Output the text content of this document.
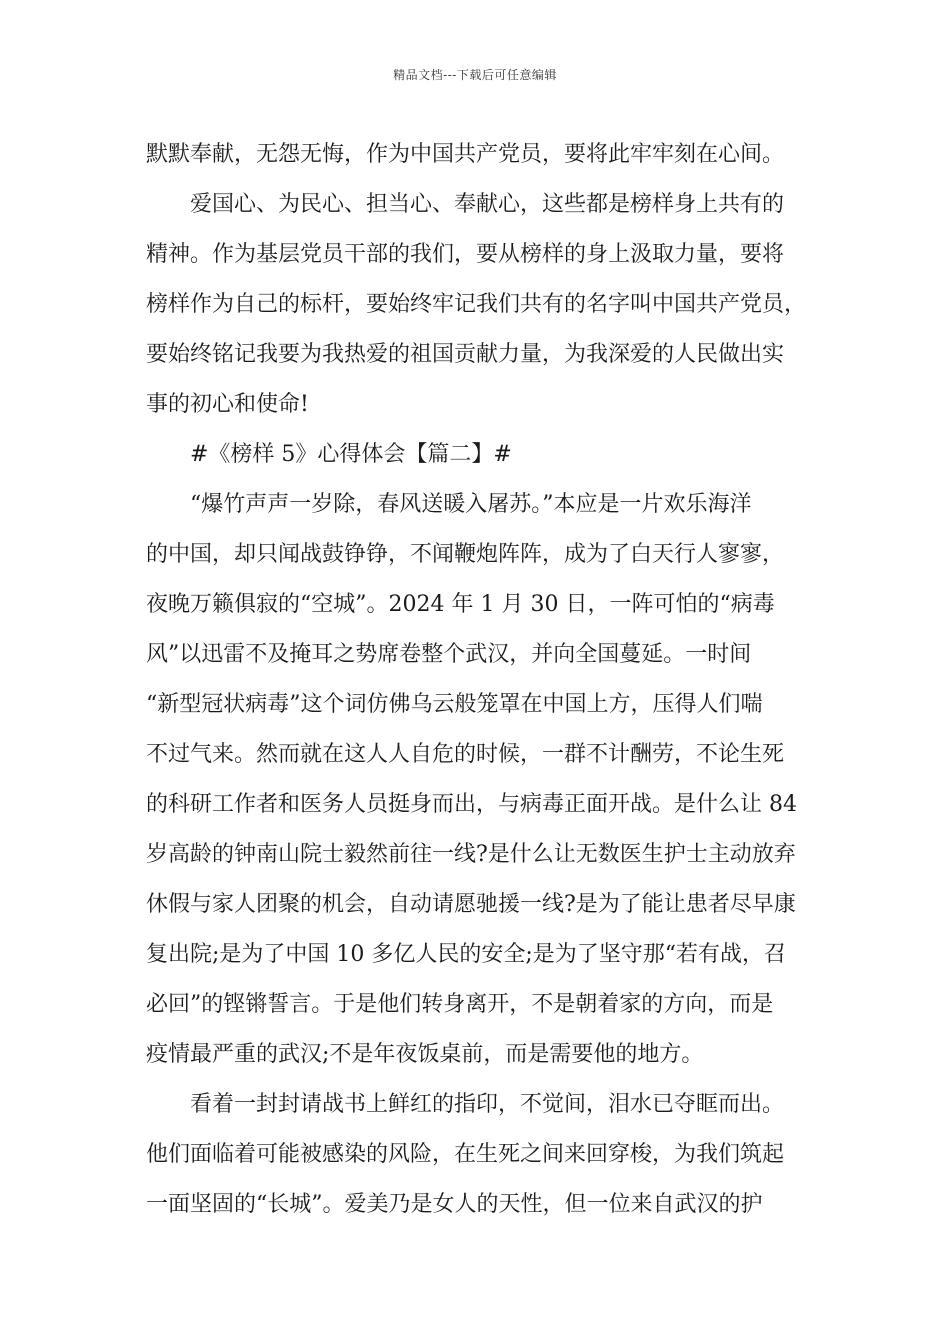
精品文档---下载后可任意编辑
默默奉献，无怨无悔，作为中国共产党员，要将此牢牢刻在心间。
爱国心、为民心、担当心、奉献心，这些都是榜样身上共有的
精神。作为基层党员干部的我们，要从榜样的身上汲取力量，要将
榜样作为自己的标杆，要始终牢记我们共有的名字叫中国共产党员，
要始终铭记我要为我热爱的祖国贡献力量，为我深爱的人民做出实
事的初心和使命!
#《榜样 5》心得体会【篇二】#
“爆竹声声一岁除，春风送暖入屠苏。”本应是一片欢乐海洋
的中国，却只闻战鼓铮铮，不闻鞭炮阵阵，成为了白天行人寥寥，
夜晚万籁俱寂的“空城”。2024 年 1 月 30 日，一阵可怕的“病毒
风”以迅雷不及掩耳之势席卷整个武汉，并向全国蔓延。一时间
“新型冠状病毒”这个词仿佛乌云般笼罩在中国上方，压得人们喘
不过气来。然而就在这人人自危的时候，一群不计酬劳，不论生死
的科研工作者和医务人员挺身而出，与病毒正面开战。是什么让 84
岁高龄的钟南山院士毅然前往一线?是什么让无数医生护士主动放弃
休假与家人团聚的机会，自动请愿驰援一线?是为了能让患者尽早康
复出院;是为了中国 10 多亿人民的安全;是为了坚守那“若有战，召
必回”的铿锵誓言。于是他们转身离开，不是朝着家的方向，而是
疫情最严重的武汉;不是年夜饭桌前，而是需要他的地方。
看着一封封请战书上鲜红的指印，不觉间，泪水已夺眶而出。
他们面临着可能被感染的风险，在生死之间来回穿梭，为我们筑起
一面坚固的“长城”。爱美乃是女人的天性，但一位来自武汉的护
